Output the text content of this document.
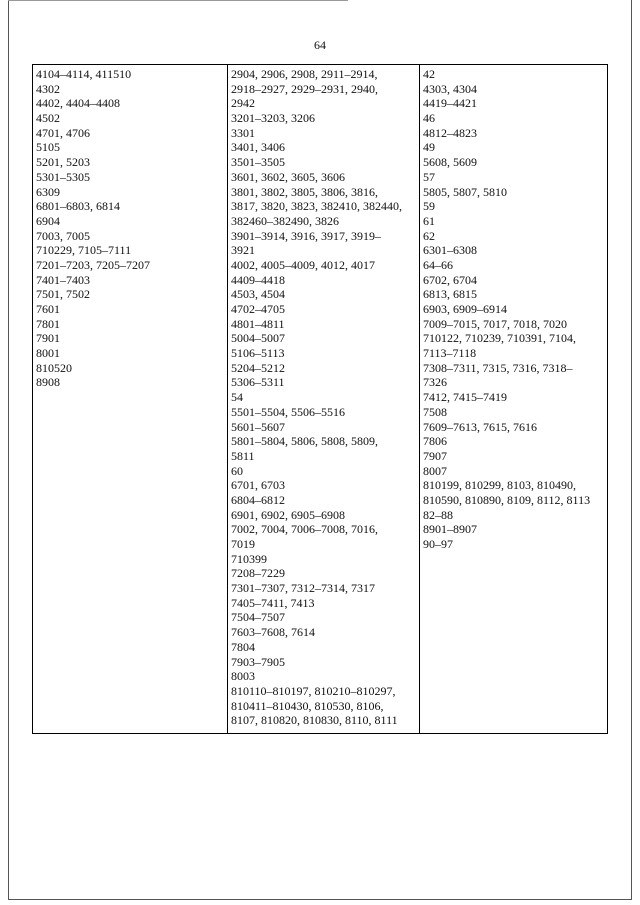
64
4104–4114, 411510
4302
4402, 4404–4408
4502
4701, 4706
5105
5201, 5203
5301–5305
6309
6801–6803, 6814
6904
7003, 7005
710229, 7105–7111
7201–7203, 7205–7207
7401–7403
7501, 7502
7601
7801
7901
8001
810520
8908
2904, 2906, 2908, 2911–2914,
2918–2927, 2929–2931, 2940,
2942
3201–3203, 3206
3301
3401, 3406
3501–3505
3601, 3602, 3605, 3606
3801, 3802, 3805, 3806, 3816,
3817, 3820, 3823, 382410, 382440,
382460–382490, 3826
3901–3914, 3916, 3917, 3919–
3921
4002, 4005–4009, 4012, 4017
4409–4418
4503, 4504
4702–4705
4801–4811
5004–5007
5106–5113
5204–5212
5306–5311
54
5501–5504, 5506–5516
5601–5607
5801–5804, 5806, 5808, 5809,
5811
60
6701, 6703
6804–6812
6901, 6902, 6905–6908
7002, 7004, 7006–7008, 7016,
7019
710399
7208–7229
7301–7307, 7312–7314, 7317
7405–7411, 7413
7504–7507
7603–7608, 7614
7804
7903–7905
8003
810110–810197, 810210–810297,
810411–810430, 810530, 8106,
8107, 810820, 810830, 8110, 8111
42
4303, 4304
4419–4421
46
4812–4823
49
5608, 5609
57
5805, 5807, 5810
59
61
62
6301–6308
64–66
6702, 6704
6813, 6815
6903, 6909–6914
7009–7015, 7017, 7018, 7020
710122, 710239, 710391, 7104,
7113–7118
7308–7311, 7315, 7316, 7318–
7326
7412, 7415–7419
7508
7609–7613, 7615, 7616
7806
7907
8007
810199, 810299, 8103, 810490,
810590, 810890, 8109, 8112, 8113
82–88
8901–8907
90–97
